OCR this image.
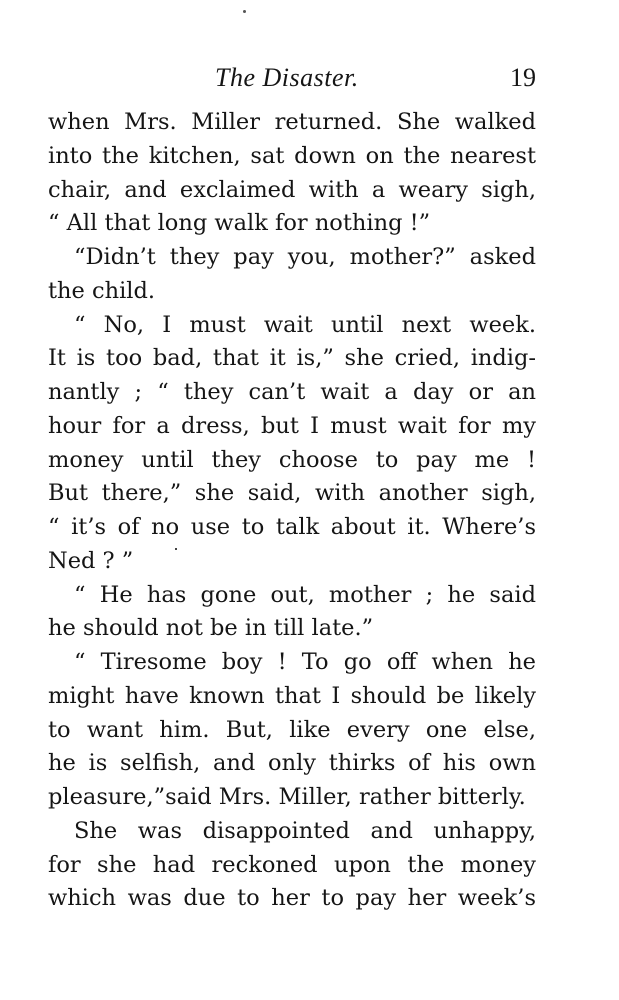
The Disaster.	19
when Mrs. Miller returned. She walked
into the kitchen, sat down on the nearest
chair, and exclaimed with a weary sigh,
“ All that long walk for nothing !”
“Didn’t they pay you, mother?” asked
the child.
“ No, I must wait until next week.
It is too bad, that it is,” she cried, indig-
nantly ; “ they can’t wait a day or an
hour for a dress, but I must wait for my
money until they choose to pay me !
But there,” she said, with another sigh,
“ it’s of no use to talk about it. Where’s
Ned ? ”
“ He has gone out, mother ; he said
he should not be in till late.”
“ Tiresome boy ! To go off when he
might have known that I should be likely
to want him. But, like every one else,
he is selfish, and only thirks of his own
pleasure,”said Mrs. Miller, rather bitterly.
She was disappointed and unhappy,
for she had reckoned upon the money
which was due to her to pay her week’s
